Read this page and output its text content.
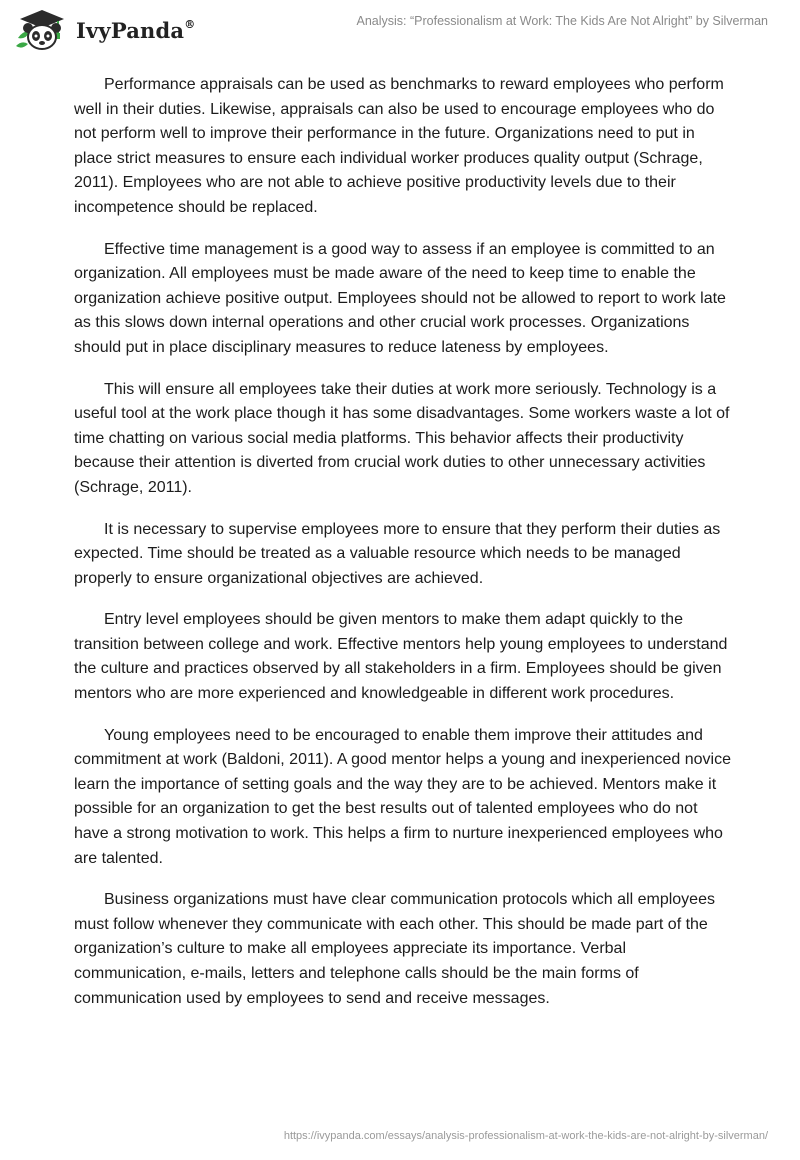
IvyPanda®	Analysis: “Professionalism at Work: The Kids Are Not Alright” by Silverman

Performance appraisals can be used as benchmarks to reward employees who perform well in their duties. Likewise, appraisals can also be used to encourage employees who do not perform well to improve their performance in the future. Organizations need to put in place strict measures to ensure each individual worker produces quality output (Schrage, 2011). Employees who are not able to achieve positive productivity levels due to their incompetence should be replaced.

Effective time management is a good way to assess if an employee is committed to an organization. All employees must be made aware of the need to keep time to enable the organization achieve positive output. Employees should not be allowed to report to work late as this slows down internal operations and other crucial work processes. Organizations should put in place disciplinary measures to reduce lateness by employees.

This will ensure all employees take their duties at work more seriously. Technology is a useful tool at the work place though it has some disadvantages. Some workers waste a lot of time chatting on various social media platforms. This behavior affects their productivity because their attention is diverted from crucial work duties to other unnecessary activities (Schrage, 2011).

It is necessary to supervise employees more to ensure that they perform their duties as expected. Time should be treated as a valuable resource which needs to be managed properly to ensure organizational objectives are achieved.

Entry level employees should be given mentors to make them adapt quickly to the transition between college and work. Effective mentors help young employees to understand the culture and practices observed by all stakeholders in a firm. Employees should be given mentors who are more experienced and knowledgeable in different work procedures.

Young employees need to be encouraged to enable them improve their attitudes and commitment at work (Baldoni, 2011). A good mentor helps a young and inexperienced novice learn the importance of setting goals and the way they are to be achieved. Mentors make it possible for an organization to get the best results out of talented employees who do not have a strong motivation to work. This helps a firm to nurture inexperienced employees who are talented.

Business organizations must have clear communication protocols which all employees must follow whenever they communicate with each other. This should be made part of the organization’s culture to make all employees appreciate its importance. Verbal communication, e-mails, letters and telephone calls should be the main forms of communication used by employees to send and receive messages.

https://ivypanda.com/essays/analysis-professionalism-at-work-the-kids-are-not-alright-by-silverman/
